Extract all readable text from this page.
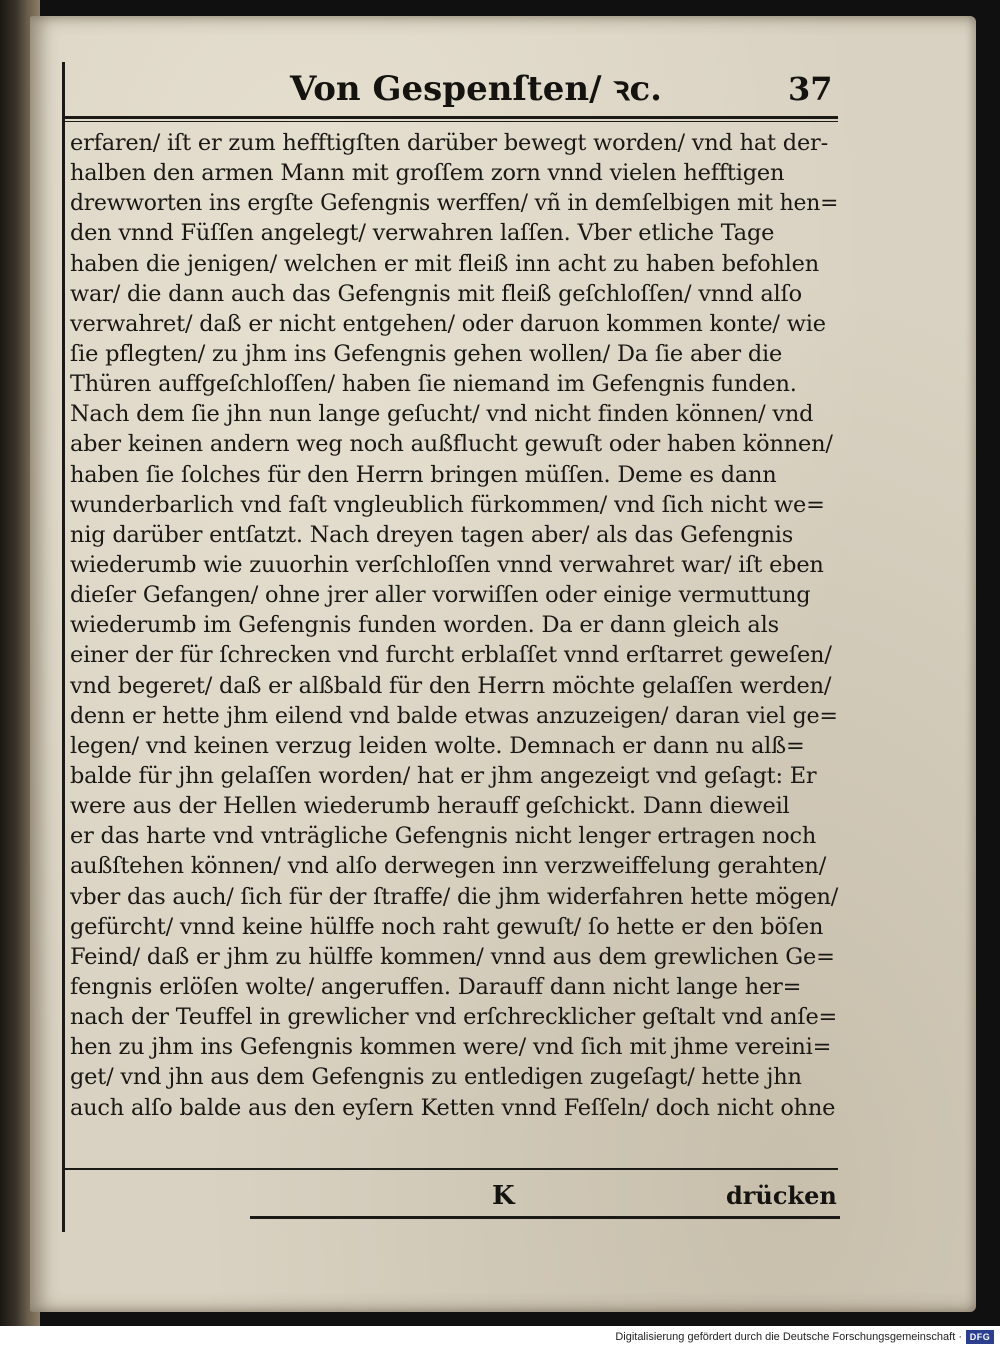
Von Gespenſten/ ꝛc.	37
erfaren/ iſt er zum hefftigſten darüber bewegt worden/ vnd hat der-
halben den armen Mann mit groſſem zorn vnnd vielen hefftigen
drewworten ins ergſte Gefengnis werffen/ vñ in demſelbigen mit hen=
den vnnd Füſſen angelegt/ verwahren laſſen. Vber etliche Tage
haben die jenigen/ welchen er mit fleiß inn acht zu haben befohlen
war/ die dann auch das Gefengnis mit fleiß geſchloſſen/ vnnd alſo
verwahret/ daß er nicht entgehen/ oder daruon kommen konte/ wie
ſie pflegten/ zu jhm ins Gefengnis gehen wollen/ Da ſie aber die
Thüren auffgeſchloſſen/ haben ſie niemand im Gefengnis funden.
Nach dem ſie jhn nun lange geſucht/ vnd nicht finden können/ vnd
aber keinen andern weg noch außflucht gewuſt oder haben können/
haben ſie ſolches für den Herrn bringen müſſen. Deme es dann
wunderbarlich vnd faſt vngleublich fürkommen/ vnd ſich nicht we=
nig darüber entſatzt. Nach dreyen tagen aber/ als das Gefengnis
wiederumb wie zuuorhin verſchloſſen vnnd verwahret war/ iſt eben
dieſer Gefangen/ ohne jrer aller vorwiſſen oder einige vermuttung
wiederumb im Gefengnis funden worden. Da er dann gleich als
einer der für ſchrecken vnd furcht erblaſſet vnnd erſtarret geweſen/
vnd begeret/ daß er alßbald für den Herrn möchte gelaſſen werden/
denn er hette jhm eilend vnd balde etwas anzuzeigen/ daran viel ge=
legen/ vnd keinen verzug leiden wolte. Demnach er dann nu alß=
balde für jhn gelaſſen worden/ hat er jhm angezeigt vnd geſagt: Er
were aus der Hellen wiederumb herauff geſchickt. Dann dieweil
er das harte vnd vnträgliche Gefengnis nicht lenger ertragen noch
außſtehen können/ vnd alſo derwegen inn verzweiffelung gerahten/
vber das auch/ ſich für der ſtraffe/ die jhm widerfahren hette mögen/
gefürcht/ vnnd keine hülffe noch raht gewuſt/ ſo hette er den böſen
Feind/ daß er jhm zu hülffe kommen/ vnnd aus dem grewlichen Ge=
fengnis erlöſen wolte/ angeruffen. Darauff dann nicht lange her=
nach der Teuffel in grewlicher vnd erſchrecklicher geſtalt vnd anſe=
hen zu jhm ins Gefengnis kommen were/ vnd ſich mit jhme vereini=
get/ vnd jhn aus dem Gefengnis zu entledigen zugeſagt/ hette jhn
auch alſo balde aus den eyſern Ketten vnnd Feſſeln/ doch nicht ohne
K	drücken
Digitalisierung gefördert durch die Deutsche Forschungsgemeinschaft · DFG
